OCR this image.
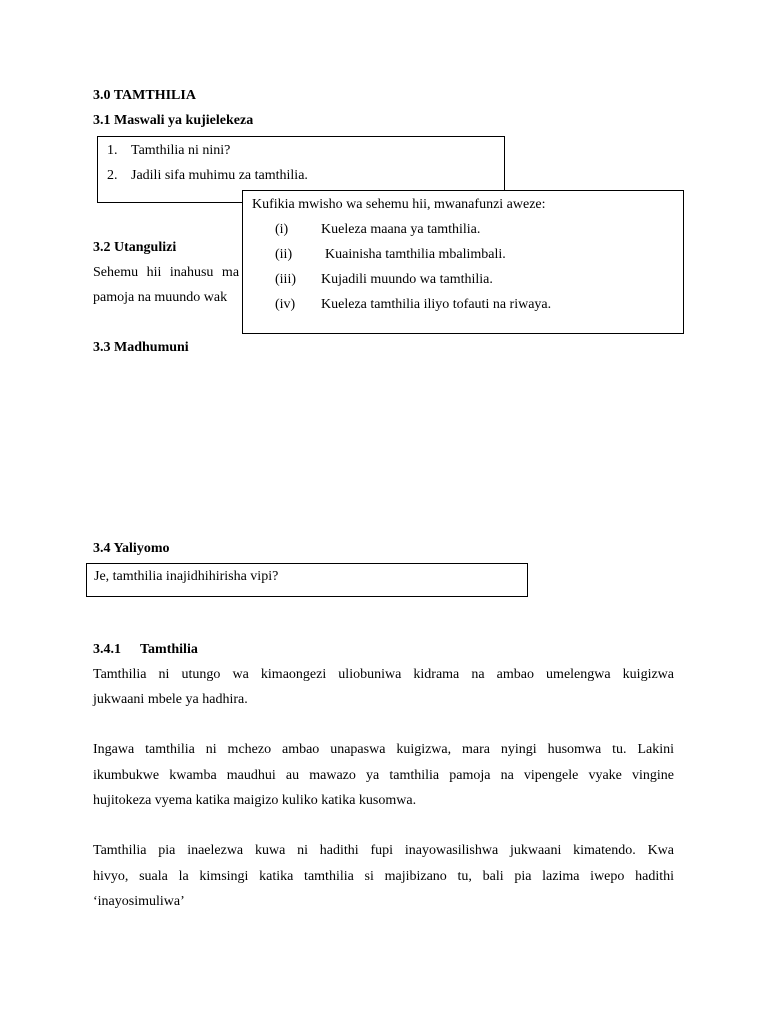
3.0 TAMTHILIA
3.1 Maswali ya kujielekeza
1. Tamthilia ni nini?
2. Jadili sifa muhimu za tamthilia.
3.2 Utangulizi
Sehemu hii inahusu ma
pamoja na muundo wak
Kufikia mwisho wa sehemu hii, mwanafunzi aweze:
(i) Kueleza maana ya tamthilia.
(ii) Kuainisha tamthilia mbalimbali.
(iii) Kujadili muundo wa tamthilia.
(iv) Kueleza tamthilia iliyo tofauti na riwaya.
3.3 Madhumuni
3.4 Yaliyomo
Je, tamthilia inajidhihirisha vipi?
3.4.1 Tamthilia
Tamthilia ni utungo wa kimaongezi uliobuniwa kidrama na ambao umelengwa kuigizwa
jukwaani mbele ya hadhira.
Ingawa tamthilia ni mchezo ambao unapaswa kuigizwa, mara nyingi husomwa tu. Lakini
ikumbukwe kwamba maudhui au mawazo ya tamthilia pamoja na vipengele vyake vingine
hujitokeza vyema katika maigizo kuliko katika kusomwa.
Tamthilia pia inaelezwa kuwa ni hadithi fupi inayowasilishwa jukwaani kimatendo. Kwa
hivyo, suala la kimsingi katika tamthilia si majibizano tu, bali pia lazima iwepo hadithi
‘inayosimuliwa’
